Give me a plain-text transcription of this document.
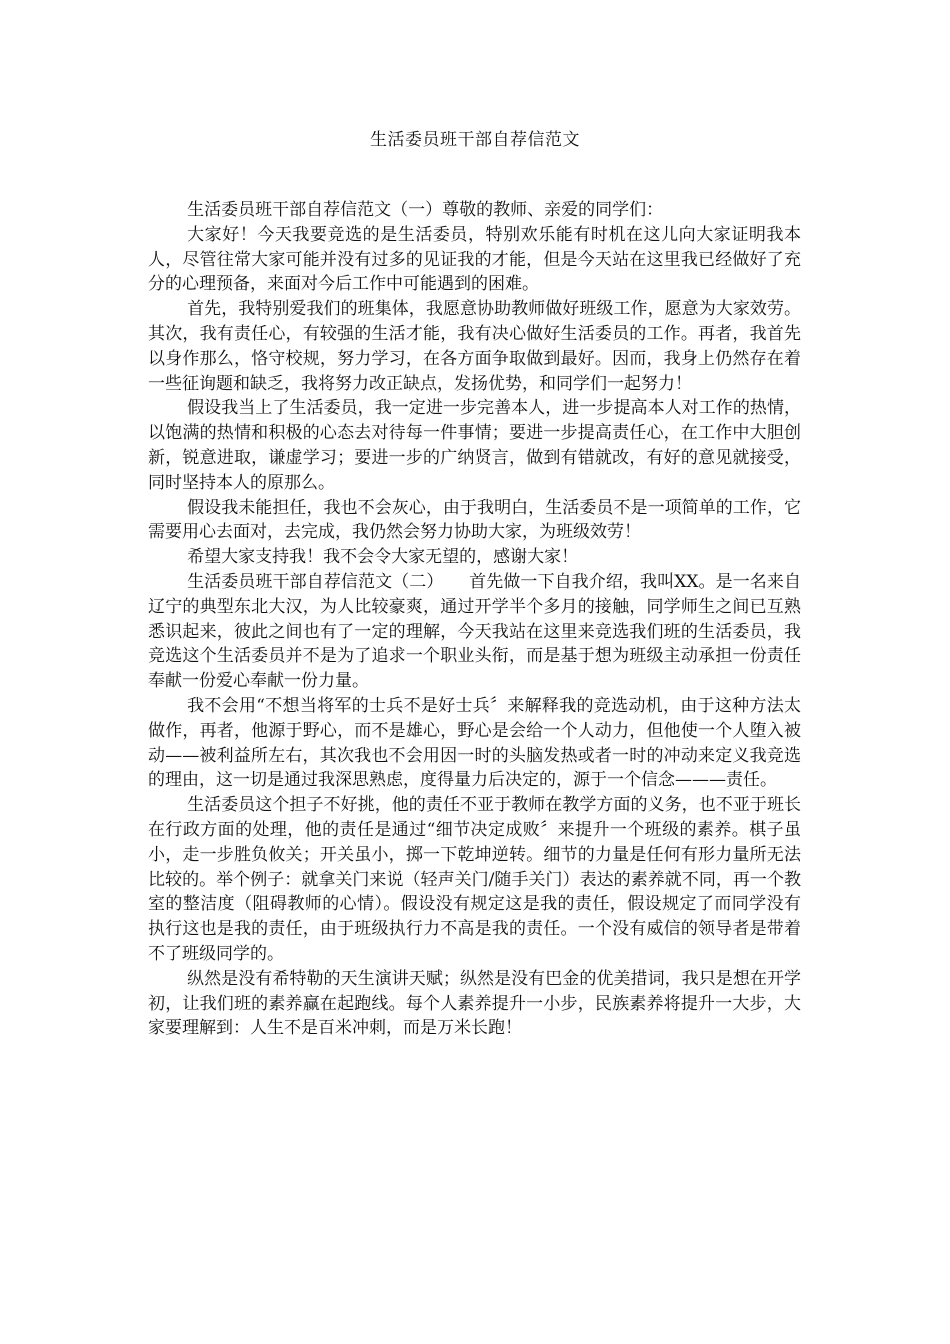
生活委员班干部自荐信范文

生活委员班干部自荐信范文（一）尊敬的教师、亲爱的同学们：

大家好！今天我要竞选的是生活委员，特别欢乐能有时机在这儿向大家证明我本人，尽管往常大家可能并没有过多的见证我的才能，但是今天站在这里我已经做好了充分的心理预备，来面对今后工作中可能遇到的困难。

首先，我特别爱我们的班集体，我愿意协助教师做好班级工作，愿意为大家效劳。其次，我有责任心，有较强的生活才能，我有决心做好生活委员的工作。再者，我首先以身作那么，恪守校规，努力学习，在各方面争取做到最好。因而，我身上仍然存在着一些征询题和缺乏，我将努力改正缺点，发扬优势，和同学们一起努力！

假设我当上了生活委员，我一定进一步完善本人，进一步提高本人对工作的热情，以饱满的热情和积极的心态去对待每一件事情；要进一步提高责任心，在工作中大胆创新，锐意进取，谦虚学习；要进一步的广纳贤言，做到有错就改，有好的意见就接受，同时坚持本人的原那么。

假设我未能担任，我也不会灰心，由于我明白，生活委员不是一项简单的工作，它需要用心去面对，去完成，我仍然会努力协助大家，为班级效劳！

希望大家支持我！我不会令大家无望的，感谢大家！

生活委员班干部自荐信范文（二）　　首先做一下自我介绍，我叫XX。是一名来自辽宁的典型东北大汉，为人比较豪爽，通过开学半个多月的接触，同学师生之间已互熟悉识起来，彼此之间也有了一定的理解，今天我站在这里来竞选我们班的生活委员，我竞选这个生活委员并不是为了追求一个职业头衔，而是基于想为班级主动承担一份责任奉献一份爱心奉献一份力量。

我不会用“不想当将军的士兵不是好士兵〞来解释我的竞选动机，由于这种方法太做作，再者，他源于野心，而不是雄心，野心是会给一个人动力，但他使一个人堕入被动——被利益所左右，其次我也不会用因一时的头脑发热或者一时的冲动来定义我竞选的理由，这一切是通过我深思熟虑，度得量力后决定的，源于一个信念———责任。

生活委员这个担子不好挑，他的责任不亚于教师在教学方面的义务，也不亚于班长在行政方面的处理，他的责任是通过“细节决定成败〞来提升一个班级的素养。棋子虽小，走一步胜负攸关；开关虽小，掷一下乾坤逆转。细节的力量是任何有形力量所无法比较的。举个例子：就拿关门来说（轻声关门/随手关门）表达的素养就不同，再一个教室的整洁度（阻碍教师的心情）。假设没有规定这是我的责任，假设规定了而同学没有执行这也是我的责任，由于班级执行力不高是我的责任。一个没有威信的领导者是带着不了班级同学的。

纵然是没有希特勒的天生演讲天赋；纵然是没有巴金的优美措词，我只是想在开学初，让我们班的素养赢在起跑线。每个人素养提升一小步，民族素养将提升一大步，大家要理解到：人生不是百米冲刺，而是万米长跑！
